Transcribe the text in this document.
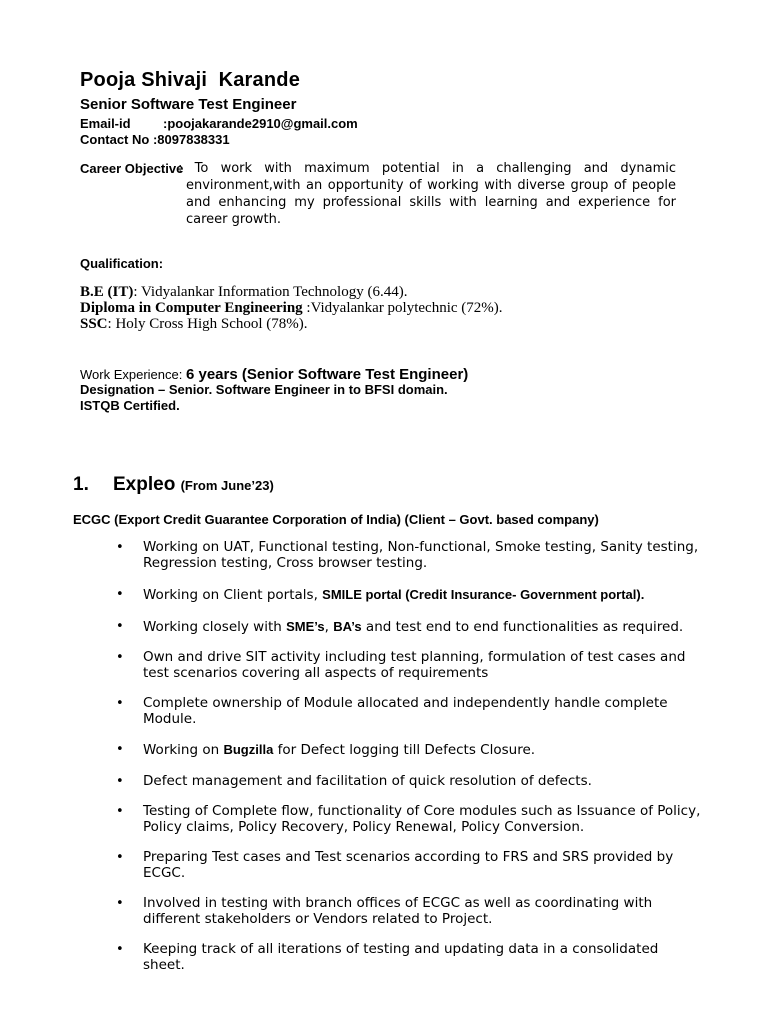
Pooja Shivaji  Karande
Senior Software Test Engineer
Email-id :poojakarande2910@gmail.com
Contact No :8097838331
Career Objective
: To work with maximum potential in a challenging and dynamic environment,with an opportunity of working with diverse group of people and enhancing my professional skills with learning and experience for career growth.
Qualification:
B.E (IT): Vidyalankar Information Technology (6.44).
Diploma in Computer Engineering :Vidyalankar polytechnic (72%).
SSC: Holy Cross High School (78%).
Work Experience: 6 years (Senior Software Test Engineer)
Designation – Senior. Software Engineer in to BFSI domain.
ISTQB Certified.
1. Expleo (From June’23)
ECGC (Export Credit Guarantee Corporation of India) (Client – Govt. based company)
• Working on UAT, Functional testing, Non-functional, Smoke testing, Sanity testing, Regression testing, Cross browser testing.
• Working on Client portals, SMILE portal (Credit Insurance- Government portal).
• Working closely with SME’s, BA’s and test end to end functionalities as required.
• Own and drive SIT activity including test planning, formulation of test cases and test scenarios covering all aspects of requirements
• Complete ownership of Module allocated and independently handle complete Module.
• Working on Bugzilla for Defect logging till Defects Closure.
• Defect management and facilitation of quick resolution of defects.
• Testing of Complete flow, functionality of Core modules such as Issuance of Policy, Policy claims, Policy Recovery, Policy Renewal, Policy Conversion.
• Preparing Test cases and Test scenarios according to FRS and SRS provided by ECGC.
• Involved in testing with branch offices of ECGC as well as coordinating with different stakeholders or Vendors related to Project.
• Keeping track of all iterations of testing and updating data in a consolidated sheet.
